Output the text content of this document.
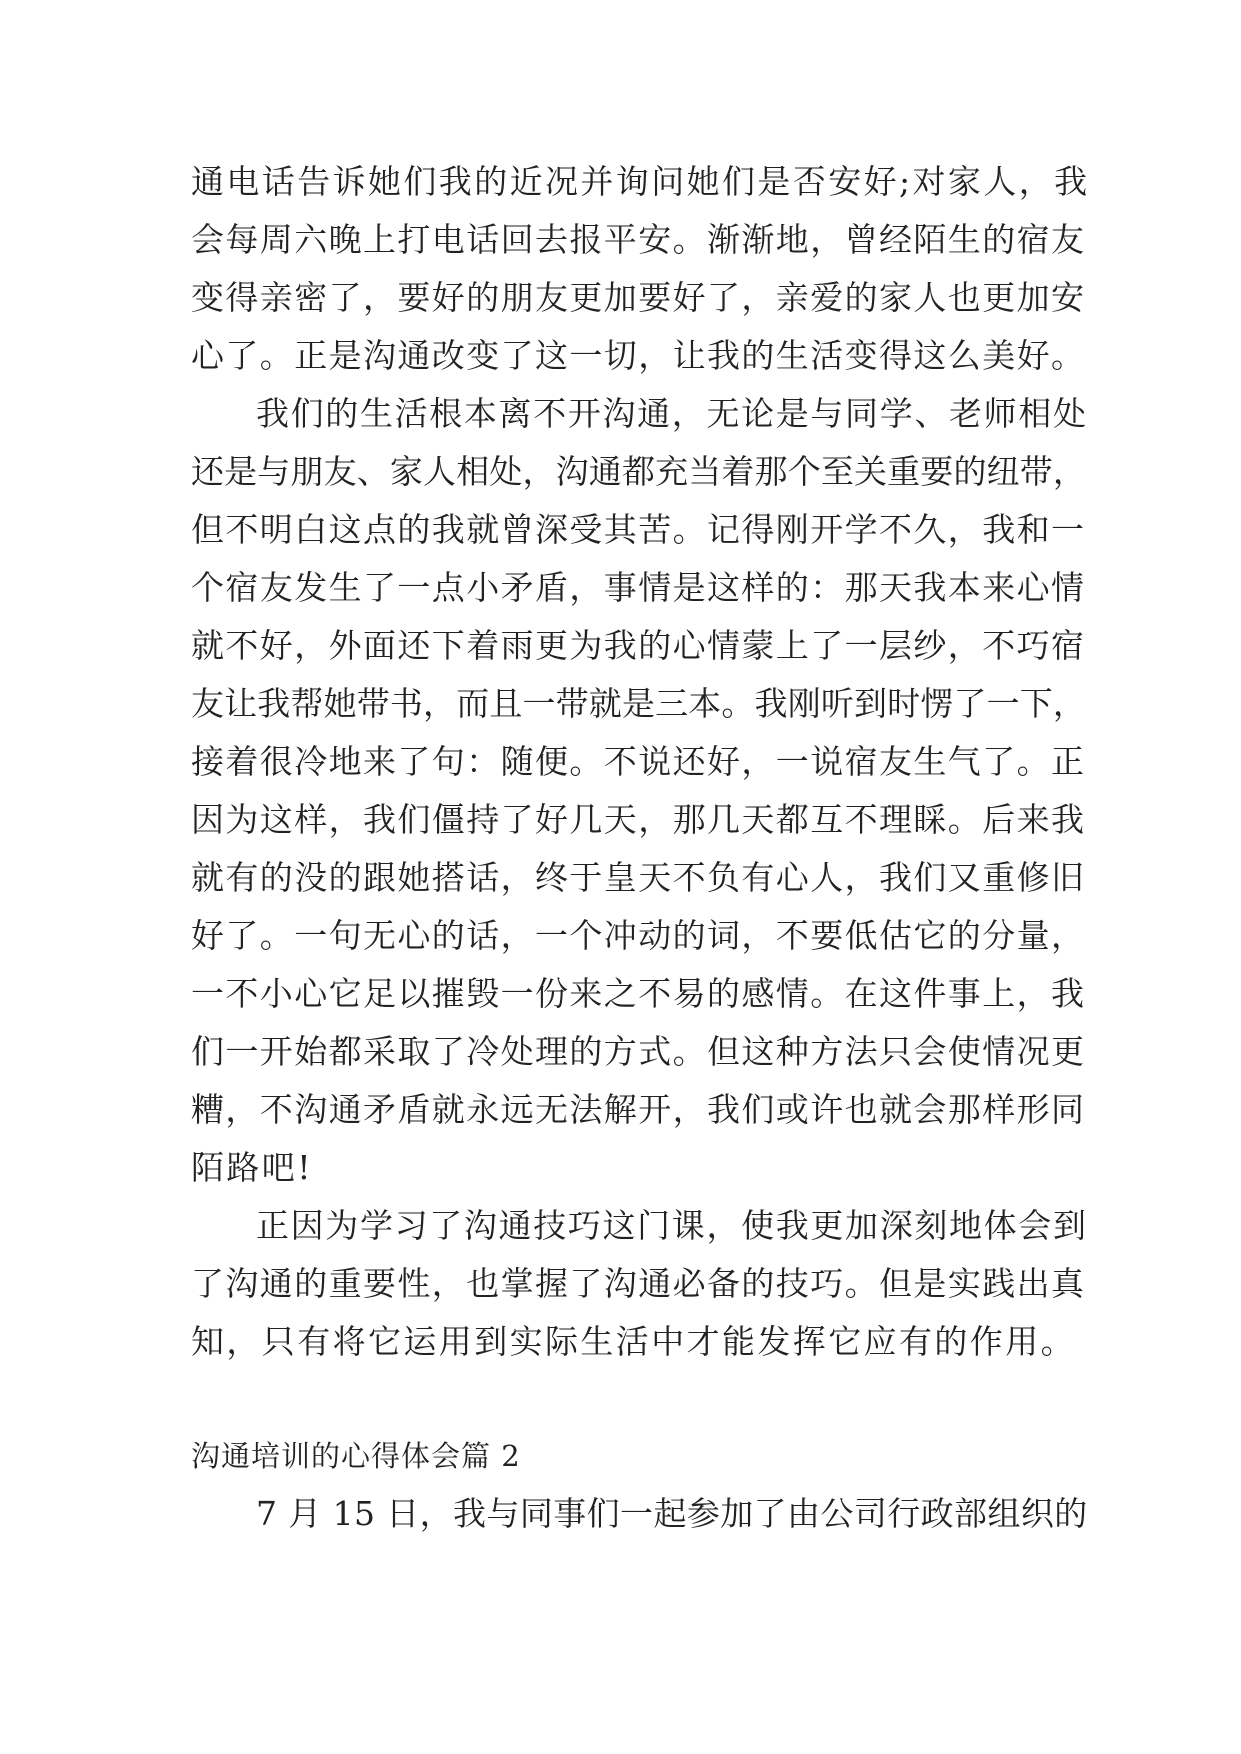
通电话告诉她们我的近况并询问她们是否安好;对家人，我
会每周六晚上打电话回去报平安。渐渐地，曾经陌生的宿友
变得亲密了，要好的朋友更加要好了，亲爱的家人也更加安
心了。正是沟通改变了这一切，让我的生活变得这么美好。
我们的生活根本离不开沟通，无论是与同学、老师相处
还是与朋友、家人相处，沟通都充当着那个至关重要的纽带，
但不明白这点的我就曾深受其苦。记得刚开学不久，我和一
个宿友发生了一点小矛盾，事情是这样的：那天我本来心情
就不好，外面还下着雨更为我的心情蒙上了一层纱，不巧宿
友让我帮她带书，而且一带就是三本。我刚听到时愣了一下，
接着很冷地来了句：随便。不说还好，一说宿友生气了。正
因为这样，我们僵持了好几天，那几天都互不理睬。后来我
就有的没的跟她搭话，终于皇天不负有心人，我们又重修旧
好了。一句无心的话，一个冲动的词，不要低估它的分量，
一不小心它足以摧毁一份来之不易的感情。在这件事上，我
们一开始都采取了冷处理的方式。但这种方法只会使情况更
糟，不沟通矛盾就永远无法解开，我们或许也就会那样形同
陌路吧!
正因为学习了沟通技巧这门课，使我更加深刻地体会到
了沟通的重要性，也掌握了沟通必备的技巧。但是实践出真
知，只有将它运用到实际生活中才能发挥它应有的作用。
沟通培训的心得体会篇 2
7 月 15 日，我与同事们一起参加了由公司行政部组织的
